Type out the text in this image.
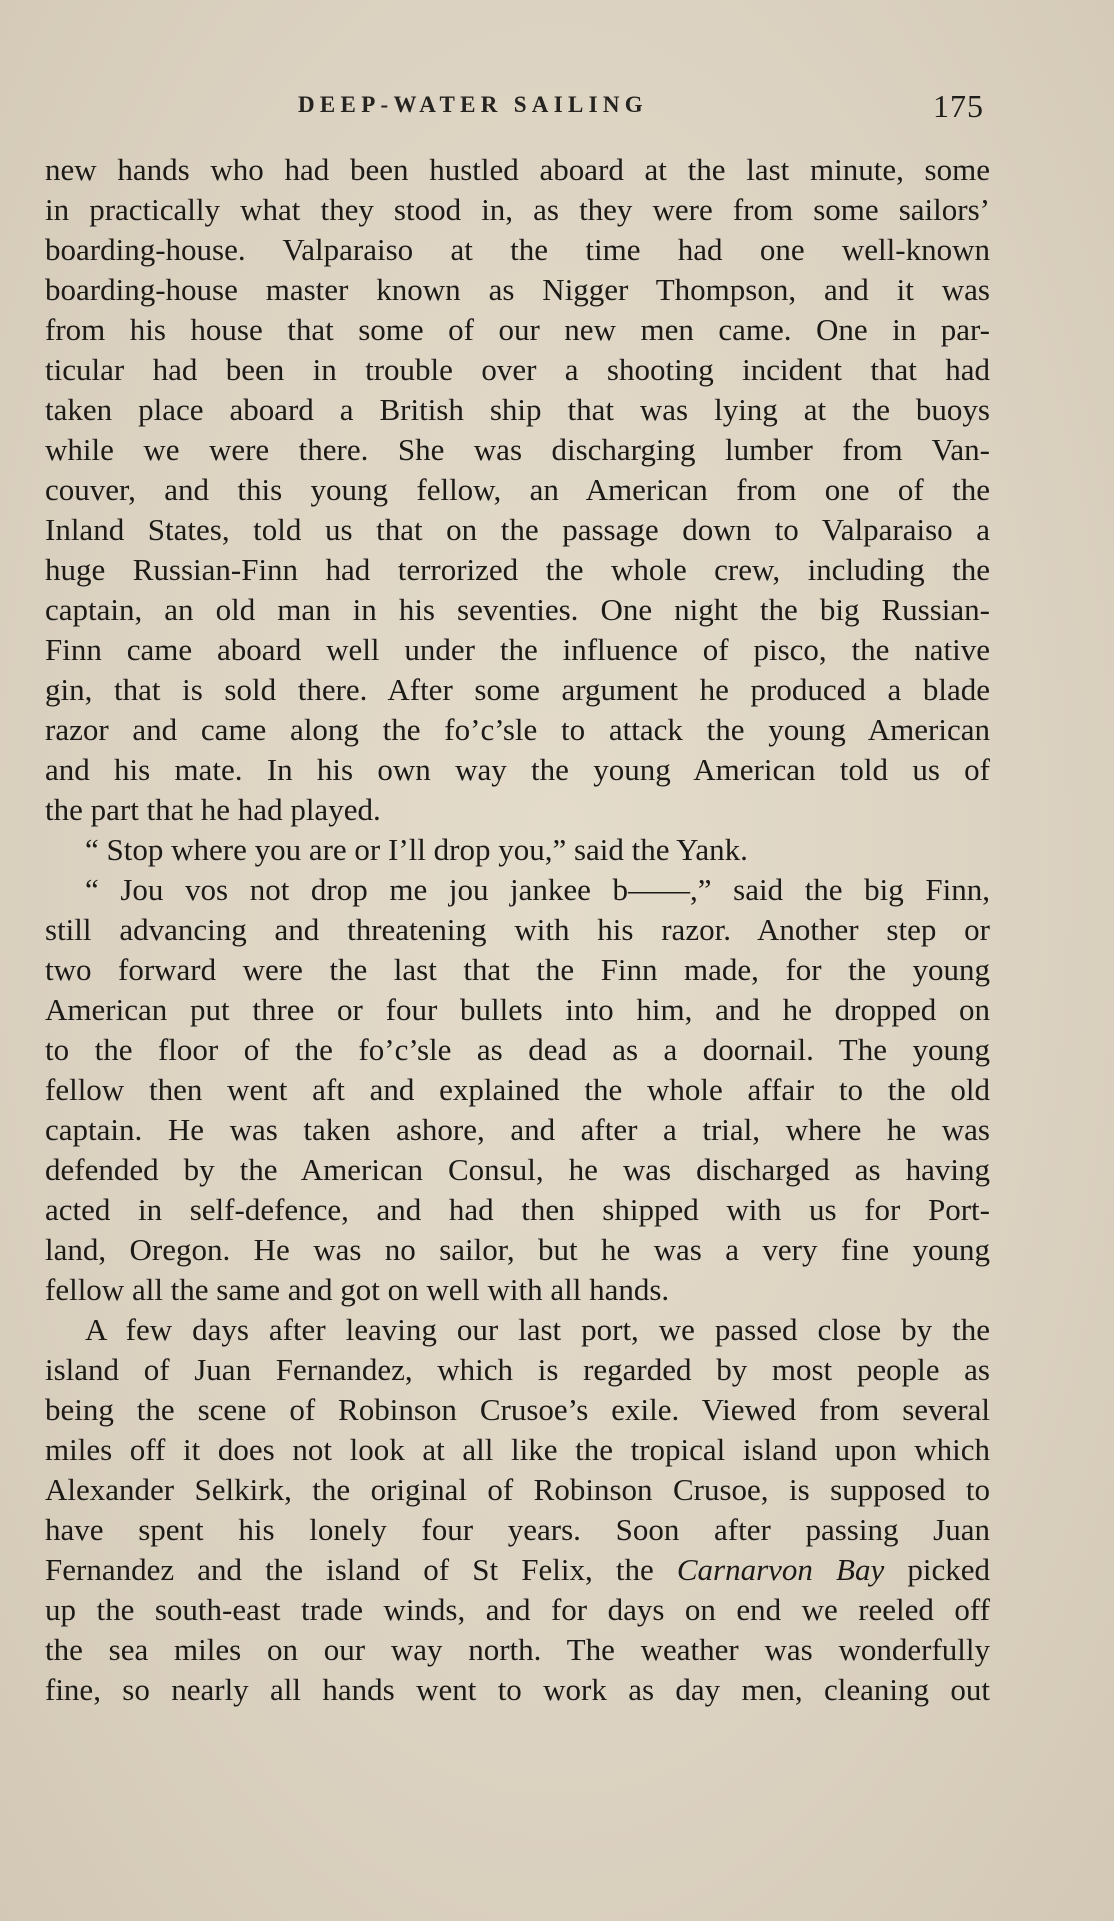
DEEP-WATER SAILING	175
new hands who had been hustled aboard at the last minute, some
in practically what they stood in, as they were from some sailors’
boarding-house. Valparaiso at the time had one well-known
boarding-house master known as Nigger Thompson, and it was
from his house that some of our new men came. One in par-
ticular had been in trouble over a shooting incident that had
taken place aboard a British ship that was lying at the buoys
while we were there. She was discharging lumber from Van-
couver, and this young fellow, an American from one of the
Inland States, told us that on the passage down to Valparaiso a
huge Russian-Finn had terrorized the whole crew, including the
captain, an old man in his seventies. One night the big Russian-
Finn came aboard well under the influence of pisco, the native
gin, that is sold there. After some argument he produced a blade
razor and came along the fo’c’sle to attack the young American
and his mate. In his own way the young American told us of
the part that he had played.
“ Stop where you are or I’ll drop you,” said the Yank.
“ Jou vos not drop me jou jankee b——,” said the big Finn,
still advancing and threatening with his razor. Another step or
two forward were the last that the Finn made, for the young
American put three or four bullets into him, and he dropped on
to the floor of the fo’c’sle as dead as a doornail. The young
fellow then went aft and explained the whole affair to the old
captain. He was taken ashore, and after a trial, where he was
defended by the American Consul, he was discharged as having
acted in self-defence, and had then shipped with us for Port-
land, Oregon. He was no sailor, but he was a very fine young
fellow all the same and got on well with all hands.
A few days after leaving our last port, we passed close by the
island of Juan Fernandez, which is regarded by most people as
being the scene of Robinson Crusoe’s exile. Viewed from several
miles off it does not look at all like the tropical island upon which
Alexander Selkirk, the original of Robinson Crusoe, is supposed to
have spent his lonely four years. Soon after passing Juan
Fernandez and the island of St Felix, the Carnarvon Bay picked
up the south-east trade winds, and for days on end we reeled off
the sea miles on our way north. The weather was wonderfully
fine, so nearly all hands went to work as day men, cleaning out
